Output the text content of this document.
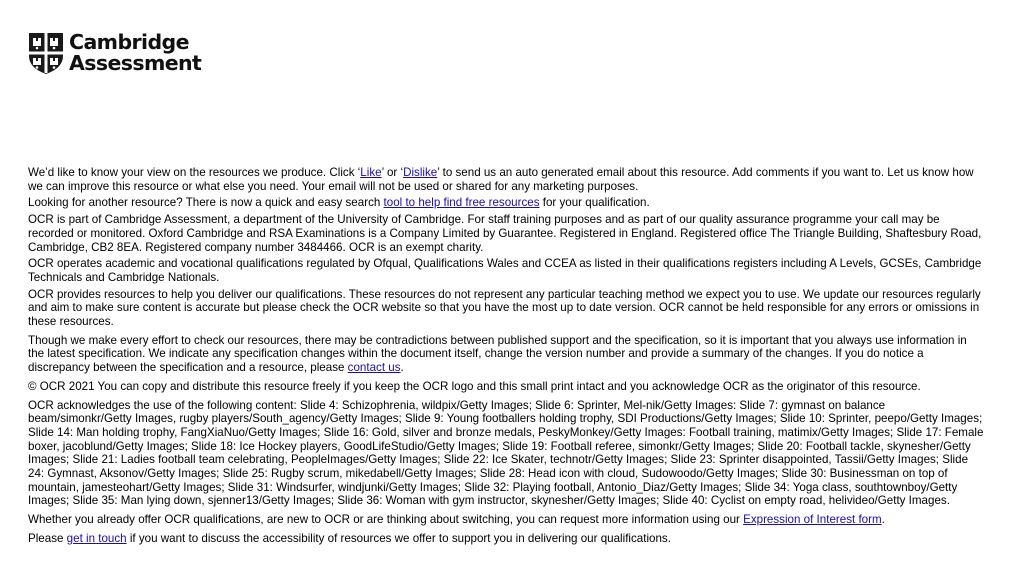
Cambridge
Assessment

We’d like to know your view on the resources we produce. Click ‘Like’ or ‘Dislike’ to send us an auto generated email about this resource. Add comments if you want to. Let us know how we can improve this resource or what else you need. Your email will not be used or shared for any marketing purposes.

Looking for another resource? There is now a quick and easy search tool to help find free resources for your qualification.

OCR is part of Cambridge Assessment, a department of the University of Cambridge. For staff training purposes and as part of our quality assurance programme your call may be recorded or monitored. Oxford Cambridge and RSA Examinations is a Company Limited by Guarantee. Registered in England. Registered office The Triangle Building, Shaftesbury Road, Cambridge, CB2 8EA. Registered company number 3484466. OCR is an exempt charity.

OCR operates academic and vocational qualifications regulated by Ofqual, Qualifications Wales and CCEA as listed in their qualifications registers including A Levels, GCSEs, Cambridge Technicals and Cambridge Nationals.

OCR provides resources to help you deliver our qualifications. These resources do not represent any particular teaching method we expect you to use. We update our resources regularly and aim to make sure content is accurate but please check the OCR website so that you have the most up to date version. OCR cannot be held responsible for any errors or omissions in these resources.

Though we make every effort to check our resources, there may be contradictions between published support and the specification, so it is important that you always use information in the latest specification. We indicate any specification changes within the document itself, change the version number and provide a summary of the changes. If you do notice a discrepancy between the specification and a resource, please contact us.

© OCR 2021 You can copy and distribute this resource freely if you keep the OCR logo and this small print intact and you acknowledge OCR as the originator of this resource.

OCR acknowledges the use of the following content: Slide 4: Schizophrenia, wildpix/Getty Images; Slide 6: Sprinter, Mel-nik/Getty Images: Slide 7: gymnast on balance beam/simonkr/Getty Images, rugby players/South_agency/Getty Images; Slide 9: Young footballers holding trophy, SDI Productions/Getty Images; Slide 10: Sprinter, peepo/Getty Images; Slide 14: Man holding trophy, FangXiaNuo/Getty Images; Slide 16: Gold, silver and bronze medals, PeskyMonkey/Getty Images: Football training, matimix/Getty Images; Slide 17: Female boxer, jacoblund/Getty Images; Slide 18: Ice Hockey players, GoodLifeStudio/Getty Images; Slide 19: Football referee, simonkr/Getty Images; Slide 20: Football tackle, skynesher/Getty Images; Slide 21: Ladies football team celebrating, PeopleImages/Getty Images; Slide 22: Ice Skater, technotr/Getty Images; Slide 23: Sprinter disappointed, Tassii/Getty Images; Slide 24: Gymnast, Aksonov/Getty Images; Slide 25: Rugby scrum, mikedabell/Getty Images; Slide 28: Head icon with cloud, Sudowoodo/Getty Images; Slide 30: Businessman on top of mountain, jamesteohart/Getty Images; Slide 31: Windsurfer, windjunki/Getty Images; Slide 32: Playing football, Antonio_Diaz/Getty Images; Slide 34: Yoga class, southtownboy/Getty Images; Slide 35: Man lying down, sjenner13/Getty Images; Slide 36: Woman with gym instructor, skynesher/Getty Images; Slide 40: Cyclist on empty road, helivideo/Getty Images.

Whether you already offer OCR qualifications, are new to OCR or are thinking about switching, you can request more information using our Expression of Interest form.

Please get in touch if you want to discuss the accessibility of resources we offer to support you in delivering our qualifications.
